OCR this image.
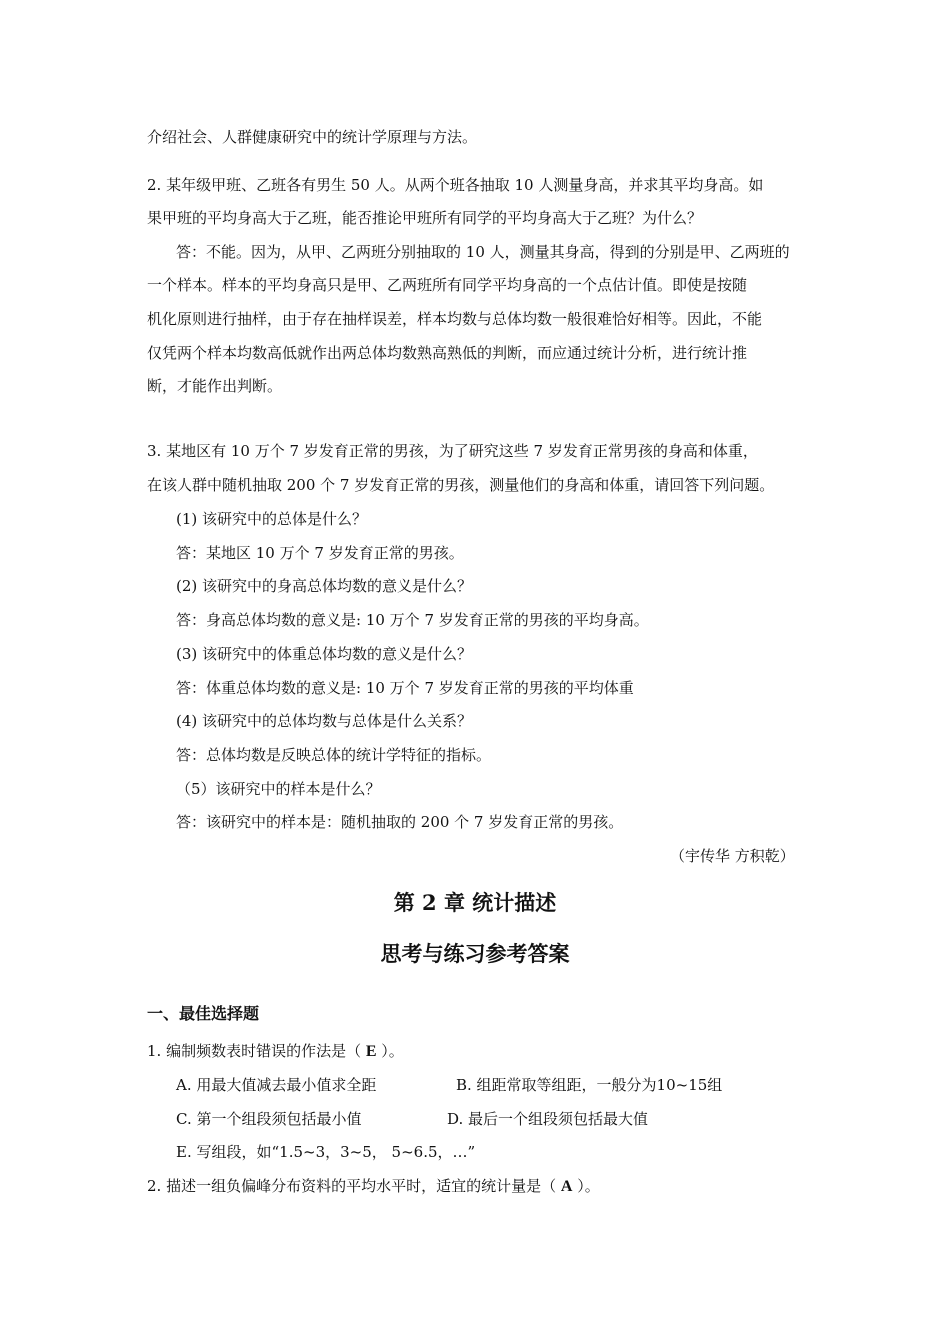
介绍社会、人群健康研究中的统计学原理与方法。
2. 某年级甲班、乙班各有男生 50 人。从两个班各抽取 10 人测量身高，并求其平均身高。如
果甲班的平均身高大于乙班，能否推论甲班所有同学的平均身高大于乙班？为什么？
答：不能。因为，从甲、乙两班分别抽取的 10 人，测量其身高，得到的分别是甲、乙两班的
一个样本。样本的平均身高只是甲、乙两班所有同学平均身高的一个点估计值。即使是按随
机化原则进行抽样，由于存在抽样误差，样本均数与总体均数一般很难恰好相等。因此，不能
仅凭两个样本均数高低就作出两总体均数熟高熟低的判断，而应通过统计分析，进行统计推
断，才能作出判断。
3. 某地区有 10 万个 7 岁发育正常的男孩，为了研究这些 7 岁发育正常男孩的身高和体重，
在该人群中随机抽取 200 个 7 岁发育正常的男孩，测量他们的身高和体重，请回答下列问题。
(1) 该研究中的总体是什么？
答：某地区 10 万个 7 岁发育正常的男孩。
(2) 该研究中的身高总体均数的意义是什么？
答：身高总体均数的意义是: 10 万个 7 岁发育正常的男孩的平均身高。
(3) 该研究中的体重总体均数的意义是什么？
答：体重总体均数的意义是: 10 万个 7 岁发育正常的男孩的平均体重
(4) 该研究中的总体均数与总体是什么关系？
答：总体均数是反映总体的统计学特征的指标。
（5）该研究中的样本是什么？
答：该研究中的样本是：随机抽取的 200 个 7 岁发育正常的男孩。
（宇传华 方积乾）
第 2 章 统计描述
思考与练习参考答案
一、最佳选择题
1. 编制频数表时错误的作法是（ E ）。
A. 用最大值减去最小值求全距	B. 组距常取等组距，一般分为10~15组
C. 第一个组段须包括最小值	D. 最后一个组段须包括最大值
E. 写组段，如“1.5~3，3~5， 5~6.5，…”
2. 描述一组负偏峰分布资料的平均水平时，适宜的统计量是（ A ）。
